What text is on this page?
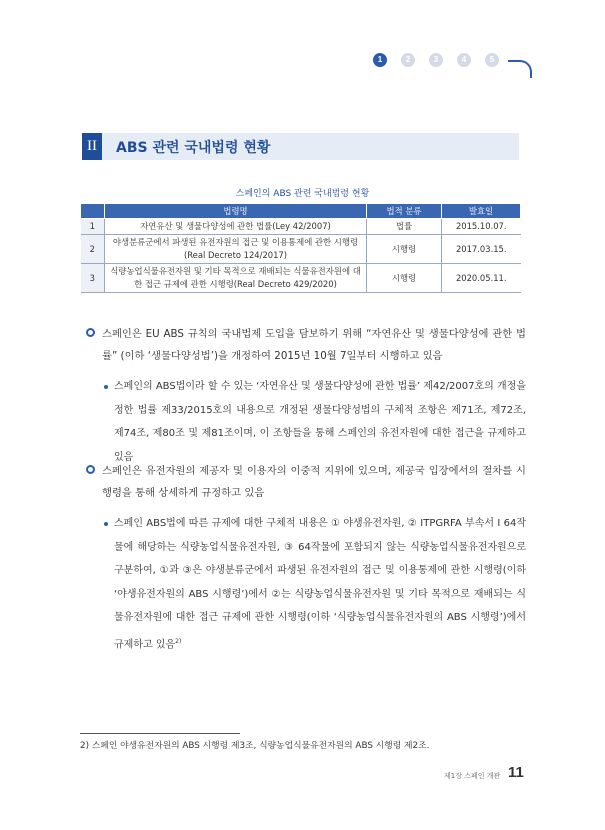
1	2	3	4	5
II	ABS 관련 국내법령 현황
스페인의 ABS 관련 국내법령 현황
	법령명	법적 분류	발효일
1	자연유산 및 생물다양성에 관한 법률(Ley 42/2007)	법률	2015.10.07.
2	야생분류군에서 파생된 유전자원의 접근 및 이용통제에 관한 시행령(Real Decreto 124/2017)	시행령	2017.03.15.
3	식량농업식물유전자원 및 기타 목적으로 재배되는 식물유전자원에 대한 접근 규제에 관한 시행령(Real Decreto 429/2020)	시행령	2020.05.11.
스페인은 EU ABS 규칙의 국내법제 도입을 담보하기 위해 “자연유산 및 생물다양성에 관한 법률” (이하 ‘생물다양성법’)을 개정하여 2015년 10월 7일부터 시행하고 있음
스페인의 ABS법이라 할 수 있는 ‘자연유산 및 생물다양성에 관한 법률’ 제42/2007호의 개정을 정한 법률 제33/2015호의 내용으로 개정된 생물다양성법의 구체적 조항은 제71조, 제72조, 제74조, 제80조 및 제81조이며, 이 조항들을 통해 스페인의 유전자원에 대한 접근을 규제하고 있음
스페인은 유전자원의 제공자 및 이용자의 이중적 지위에 있으며, 제공국 입장에서의 절차를 시행령을 통해 상세하게 규정하고 있음
스페인 ABS법에 따른 규제에 대한 구체적 내용은 ① 야생유전자원, ② ITPGRFA 부속서 I 64작물에 해당하는 식량농업식물유전자원, ③ 64작물에 포함되지 않는 식량농업식물유전자원으로 구분하여, ①과 ③은 야생분류군에서 파생된 유전자원의 접근 및 이용통제에 관한 시행령(이하 ‘야생유전자원의 ABS 시행령’)에서 ②는 식량농업식물유전자원 및 기타 목적으로 재배되는 식물유전자원에 대한 접근 규제에 관한 시행령(이하 ‘식량농업식물유전자원의 ABS 시행령’)에서 규제하고 있음$^{2)}$
2) 스페인 야생유전자원의 ABS 시행령 제3조, 식량농업식물유전자원의 ABS 시행령 제2조.
제1장 스페인 개관 11
